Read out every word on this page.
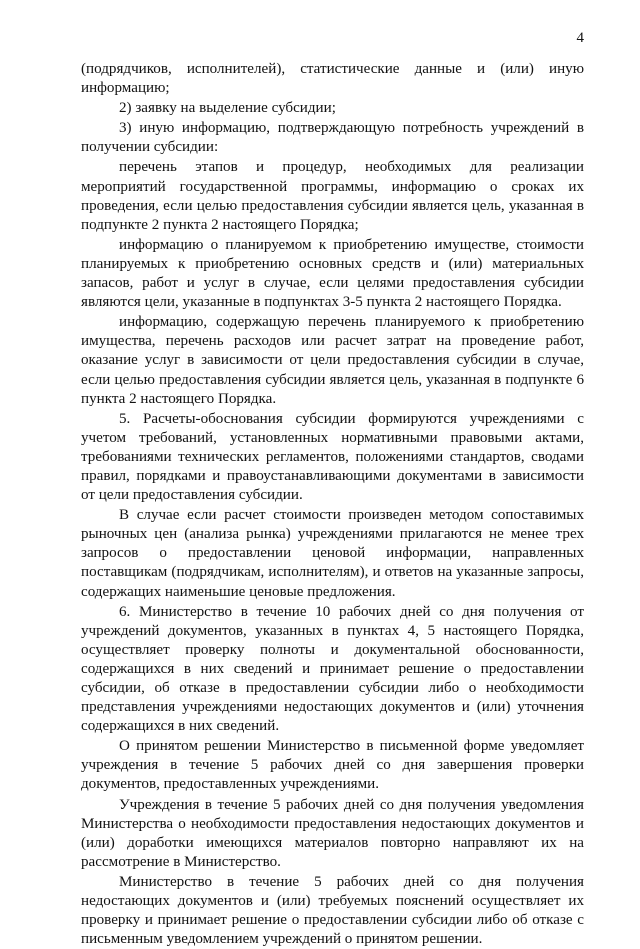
4

(подрядчиков, исполнителей), статистические данные и (или) иную информацию;

2) заявку на выделение субсидии;

3) иную информацию, подтверждающую потребность учреждений в получении субсидии:

перечень этапов и процедур, необходимых для реализации мероприятий государственной программы, информацию о сроках их проведения, если целью предоставления субсидии является цель, указанная в подпункте 2 пункта 2 настоящего Порядка;

информацию о планируемом к приобретению имуществе, стоимости планируемых к приобретению основных средств и (или) материальных запасов, работ и услуг в случае, если целями предоставления субсидии являются цели, указанные в подпунктах 3-5 пункта 2 настоящего Порядка.

информацию, содержащую перечень планируемого к приобретению имущества, перечень расходов или расчет затрат на проведение работ, оказание услуг в зависимости от цели предоставления субсидии в случае, если целью предоставления субсидии является цель, указанная в подпункте 6 пункта 2 настоящего Порядка.

5. Расчеты-обоснования субсидии формируются учреждениями с учетом требований, установленных нормативными правовыми актами, требованиями технических регламентов, положениями стандартов, сводами правил, порядками и правоустанавливающими документами в зависимости от цели предоставления субсидии.

В случае если расчет стоимости произведен методом сопоставимых рыночных цен (анализа рынка) учреждениями прилагаются не менее трех запросов о предоставлении ценовой информации, направленных поставщикам (подрядчикам, исполнителям), и ответов на указанные запросы, содержащих наименьшие ценовые предложения.

6. Министерство в течение 10 рабочих дней со дня получения от учреждений документов, указанных в пунктах 4, 5 настоящего Порядка, осуществляет проверку полноты и документальной обоснованности, содержащихся в них сведений и принимает решение о предоставлении субсидии, об отказе в предоставлении субсидии либо о необходимости представления учреждениями недостающих документов и (или) уточнения содержащихся в них сведений.

О принятом решении Министерство в письменной форме уведомляет учреждения в течение 5 рабочих дней со дня завершения проверки документов, предоставленных учреждениями.

Учреждения в течение 5 рабочих дней со дня получения уведомления Министерства о необходимости предоставления недостающих документов и (или) доработки имеющихся материалов повторно направляют их на рассмотрение в Министерство.

Министерство в течение 5 рабочих дней со дня получения недостающих документов и (или) требуемых пояснений осуществляет их проверку и принимает решение о предоставлении субсидии либо об отказе с письменным уведомлением учреждений о принятом решении.
